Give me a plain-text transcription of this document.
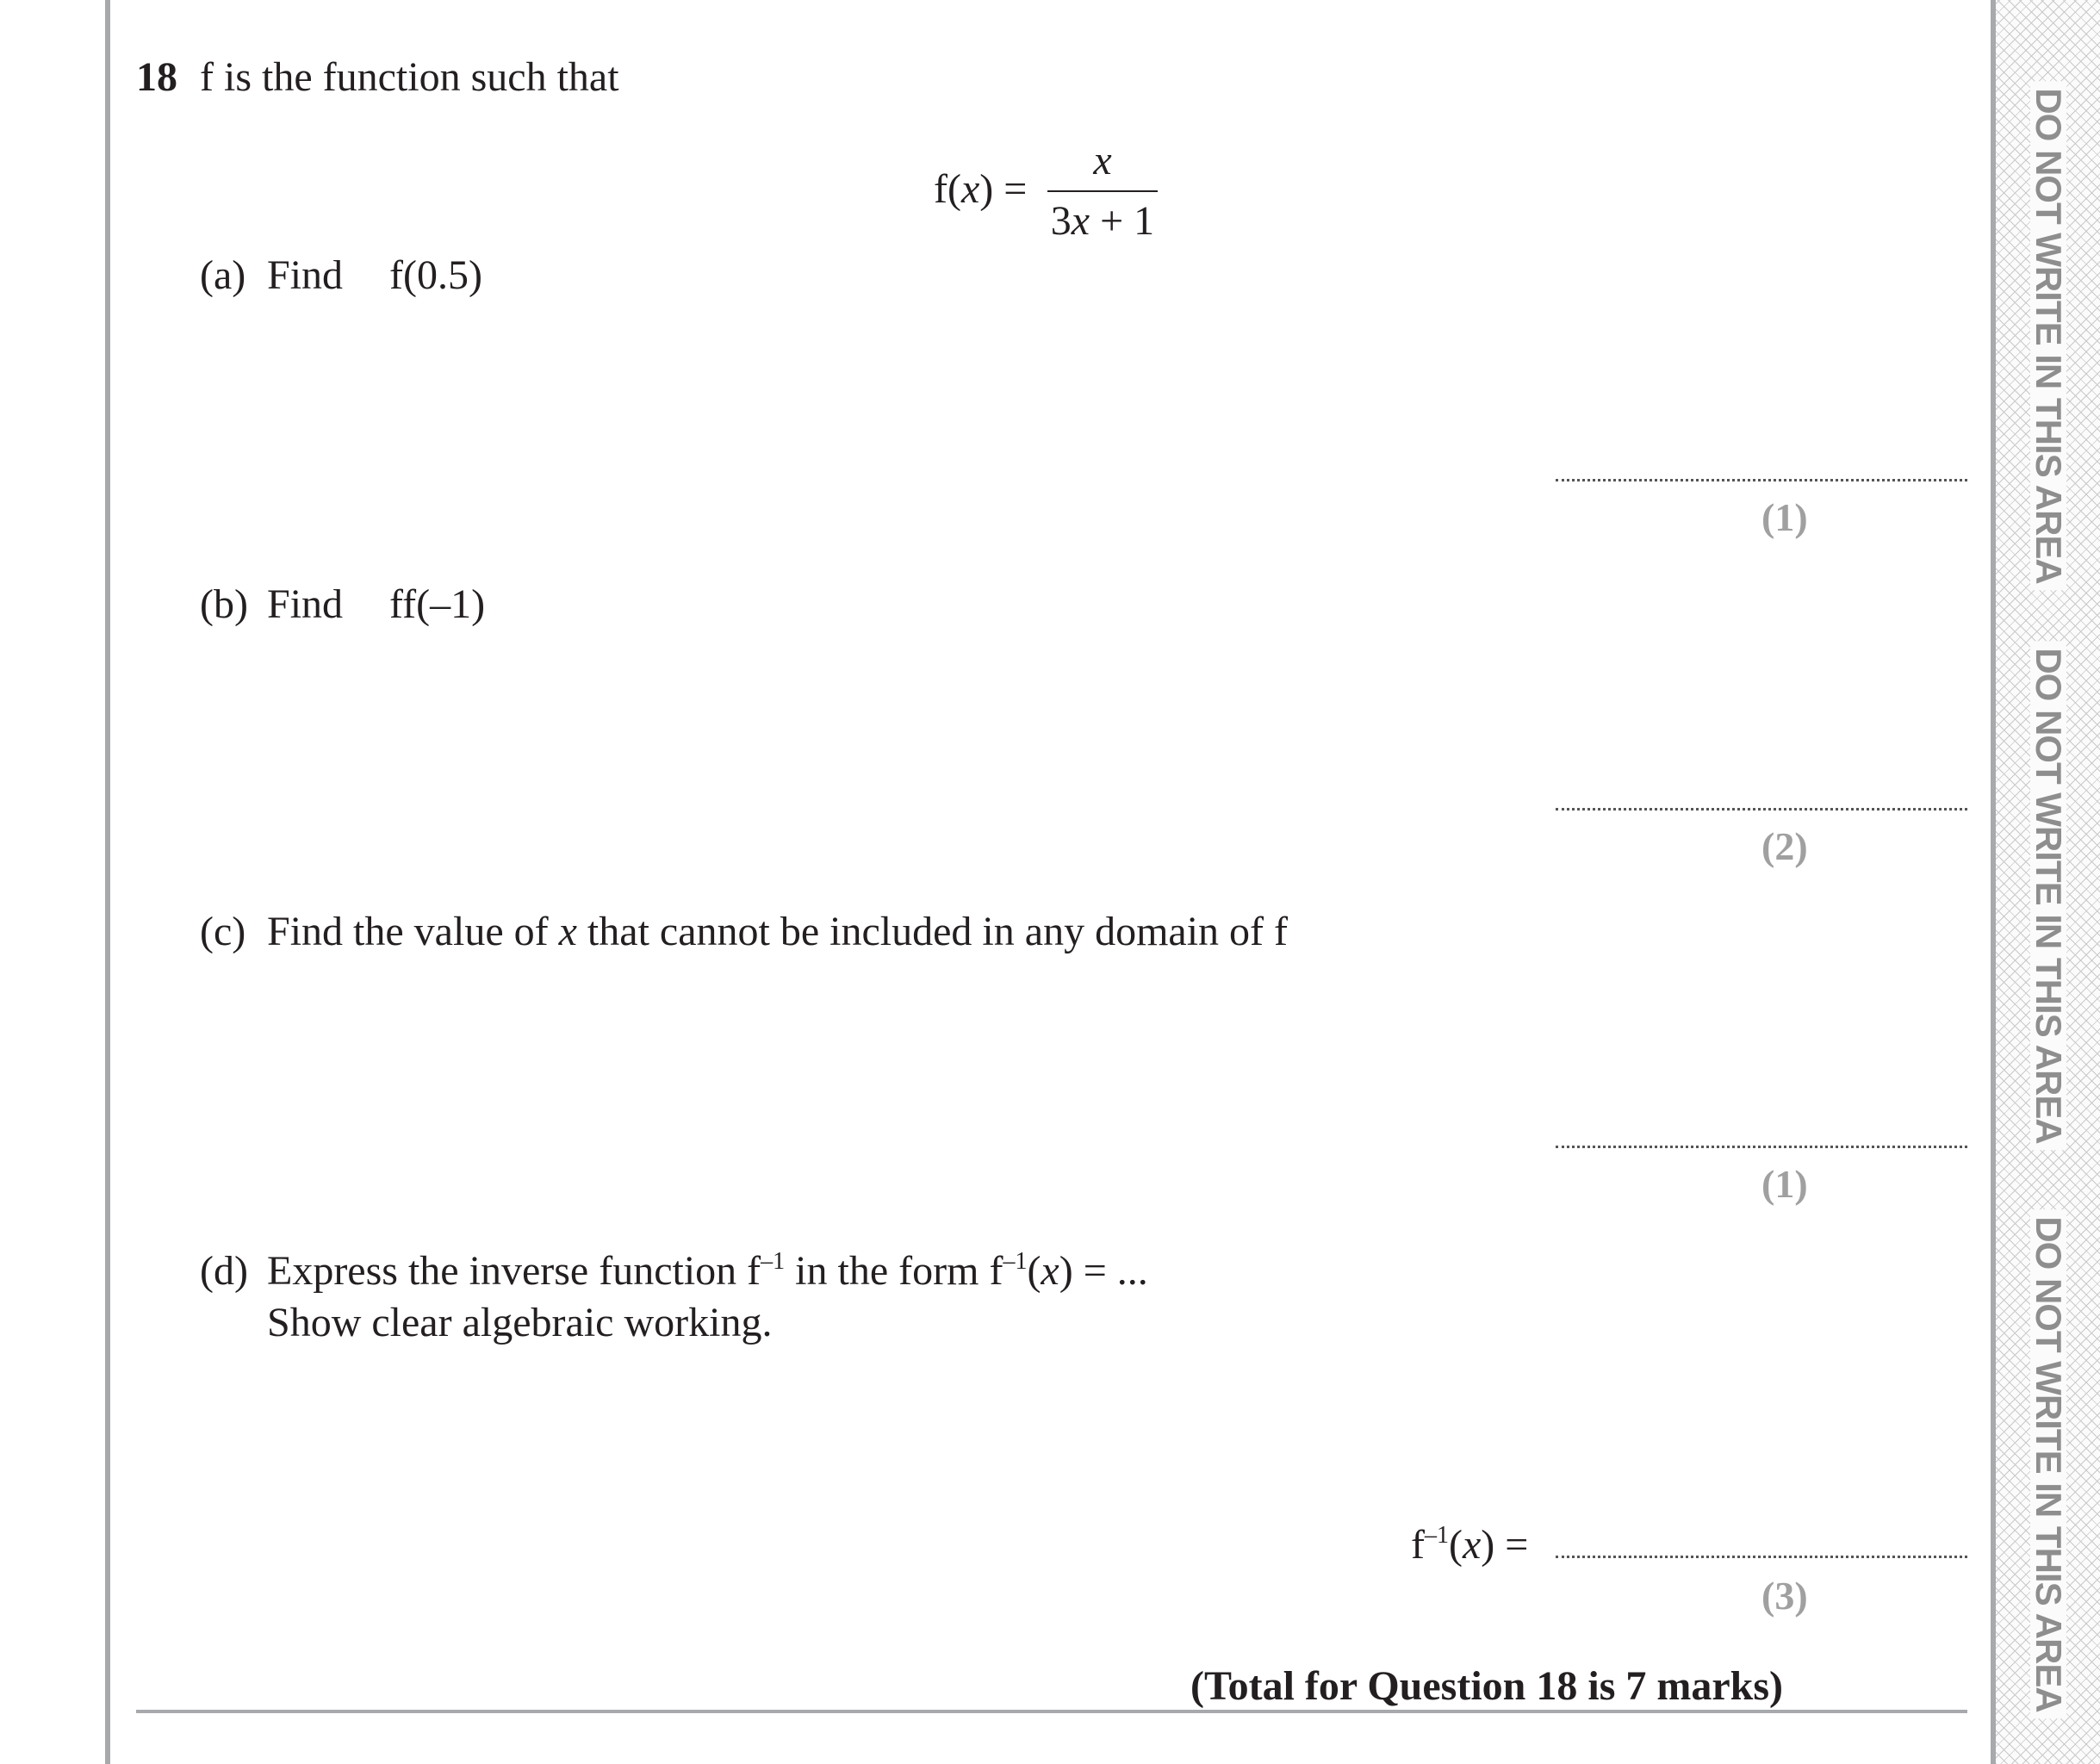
DO NOT WRITE IN THIS AREA
DO NOT WRITE IN THIS AREA
DO NOT WRITE IN THIS AREA
18 f is the function such that
f(x) =
x
3x + 1
(a) Find f(0.5)
(1)
(b) Find ff(–1)
(2)
(c) Find the value of x that cannot be included in any domain of f
(1)
(d) Express the inverse function $f^{-1}$ in the form $f^{-1}(x)$ = ...
Show clear algebraic working.
$f^{-1}(x)$ =
(3)
(Total for Question 18 is 7 marks)
